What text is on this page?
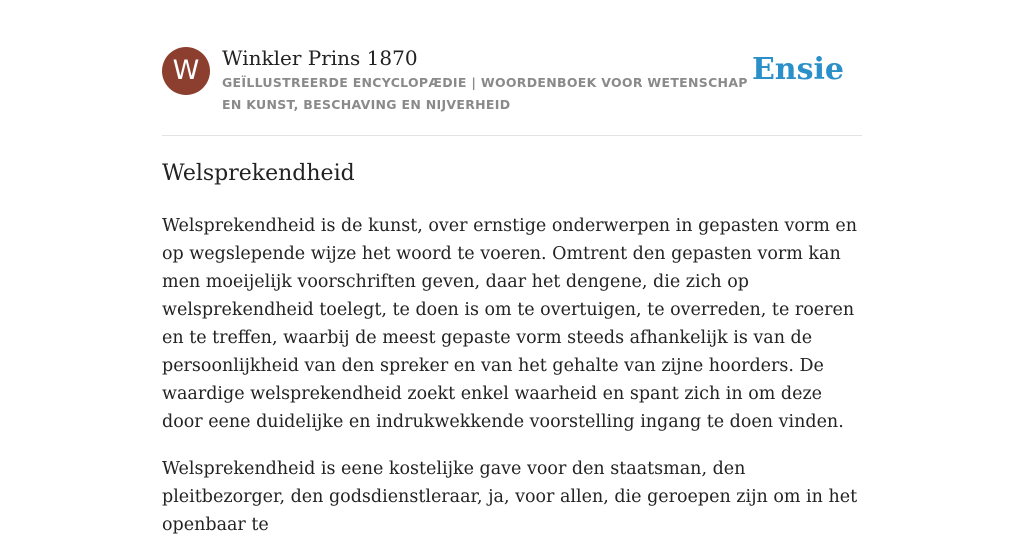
W	Winkler Prins 1870
GEÏLLUSTREERDE ENCYCLOPÆDIE | WOORDENBOEK VOOR WETENSCHAP EN KUNST, BESCHAVING EN NIJVERHEID
Ensie
Welsprekendheid

Welsprekendheid is de kunst, over ernstige onderwerpen in gepasten vorm en op wegslepende wijze het woord te voeren. Omtrent den gepasten vorm kan men moeijelijk voorschriften geven, daar het dengene, die zich op welsprekendheid toelegt, te doen is om te overtuigen, te overreden, te roeren en te treffen, waarbij de meest gepaste vorm steeds afhankelijk is van de persoonlijkheid van den spreker en van het gehalte van zijne hoorders. De waardige welsprekendheid zoekt enkel waarheid en spant zich in om deze door eene duidelijke en indrukwekkende voorstelling ingang te doen vinden.

Welsprekendheid is eene kostelijke gave voor den staatsman, den pleitbezorger, den godsdienstleraar, ja, voor allen, die geroepen zijn om in het openbaar te
